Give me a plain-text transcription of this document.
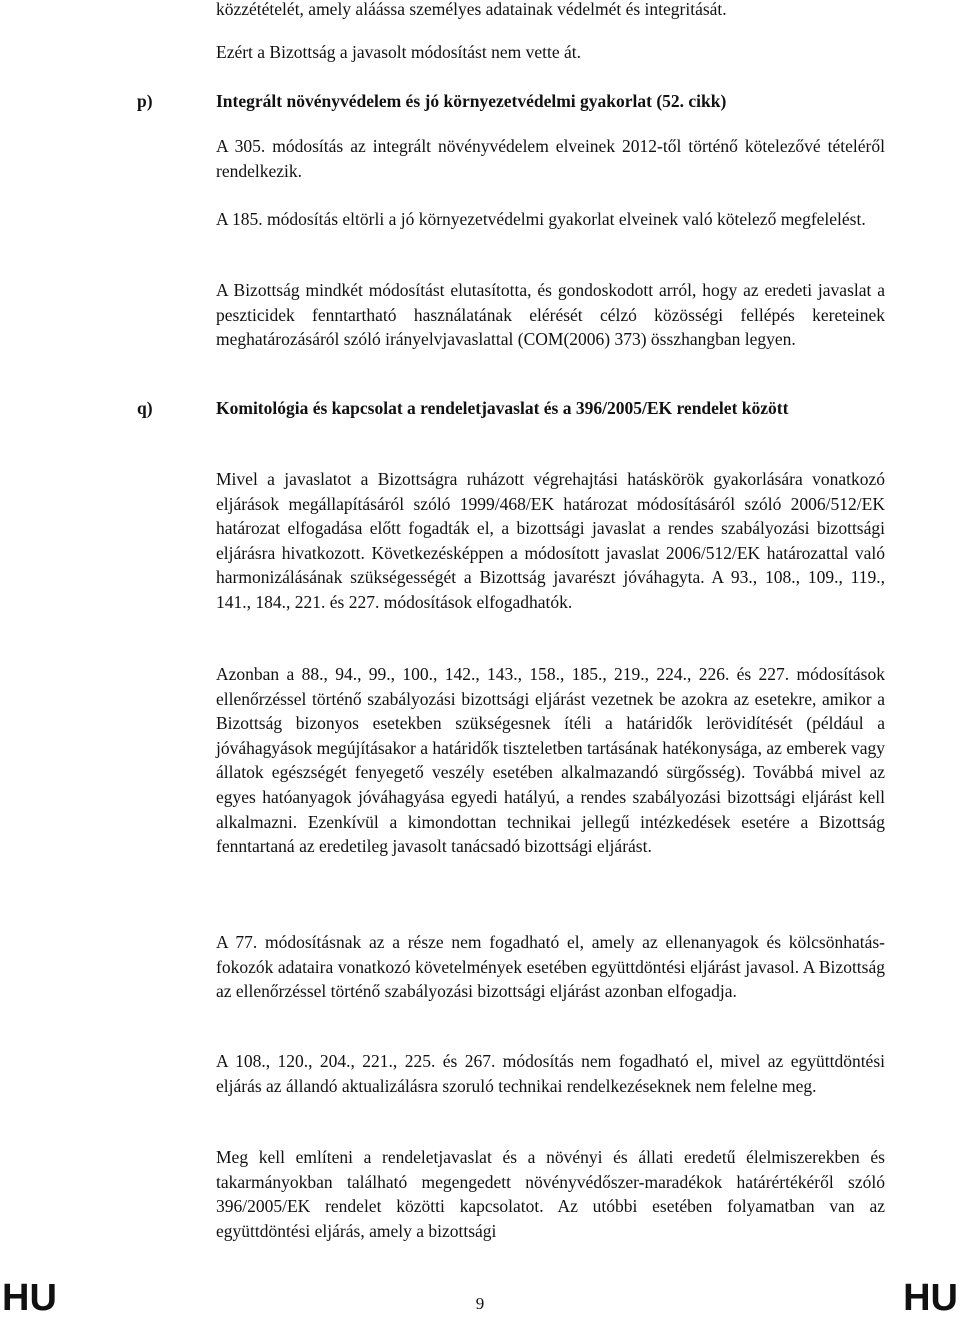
közzétételét, amely aláássa személyes adatainak védelmét és integritását.

Ezért a Bizottság a javasolt módosítást nem vette át.

p)	Integrált növényvédelem és jó környezetvédelmi gyakorlat (52. cikk)

A 305. módosítás az integrált növényvédelem elveinek 2012-től történő kötelezővé tételéről rendelkezik.

A 185. módosítás eltörli a jó környezetvédelmi gyakorlat elveinek való kötelező megfelelést.

A Bizottság mindkét módosítást elutasította, és gondoskodott arról, hogy az eredeti javaslat a peszticidek fenntartható használatának elérését célzó közösségi fellépés kereteinek meghatározásáról szóló irányelvjavaslattal (COM(2006) 373) összhangban legyen.

q)	Komitológia és kapcsolat a rendeletjavaslat és a 396/2005/EK rendelet között

Mivel a javaslatot a Bizottságra ruházott végrehajtási hatáskörök gyakorlására vonatkozó eljárások megállapításáról szóló 1999/468/EK határozat módosításáról szóló 2006/512/EK határozat elfogadása előtt fogadták el, a bizottsági javaslat a rendes szabályozási bizottsági eljárásra hivatkozott. Következésképpen a módosított javaslat 2006/512/EK határozattal való harmonizálásának szükségességét a Bizottság javarészt jóváhagyta. A 93., 108., 109., 119., 141., 184., 221. és 227. módosítások elfogadhatók.

Azonban a 88., 94., 99., 100., 142., 143., 158., 185., 219., 224., 226. és 227. módosítások ellenőrzéssel történő szabályozási bizottsági eljárást vezetnek be azokra az esetekre, amikor a Bizottság bizonyos esetekben szükségesnek ítéli a határidők lerövidítését (például a jóváhagyások megújításakor a határidők tiszteletben tartásának hatékonysága, az emberek vagy állatok egészségét fenyegető veszély esetében alkalmazandó sürgősség). Továbbá mivel az egyes hatóanyagok jóváhagyása egyedi hatályú, a rendes szabályozási bizottsági eljárást kell alkalmazni. Ezenkívül a kimondottan technikai jellegű intézkedések esetére a Bizottság fenntartaná az eredetileg javasolt tanácsadó bizottsági eljárást.

A 77. módosításnak az a része nem fogadható el, amely az ellenanyagok és kölcsönhatás-fokozók adataira vonatkozó követelmények esetében együttdöntési eljárást javasol. A Bizottság az ellenőrzéssel történő szabályozási bizottsági eljárást azonban elfogadja.

A 108., 120., 204., 221., 225. és 267. módosítás nem fogadható el, mivel az együttdöntési eljárás az állandó aktualizálásra szoruló technikai rendelkezéseknek nem felelne meg.

Meg kell említeni a rendeletjavaslat és a növényi és állati eredetű élelmiszerekben és takarmányokban található megengedett növényvédőszer-maradékok határértékéről szóló 396/2005/EK rendelet közötti kapcsolatot. Az utóbbi esetében folyamatban van az együttdöntési eljárás, amely a bizottsági

HU	9	HU
